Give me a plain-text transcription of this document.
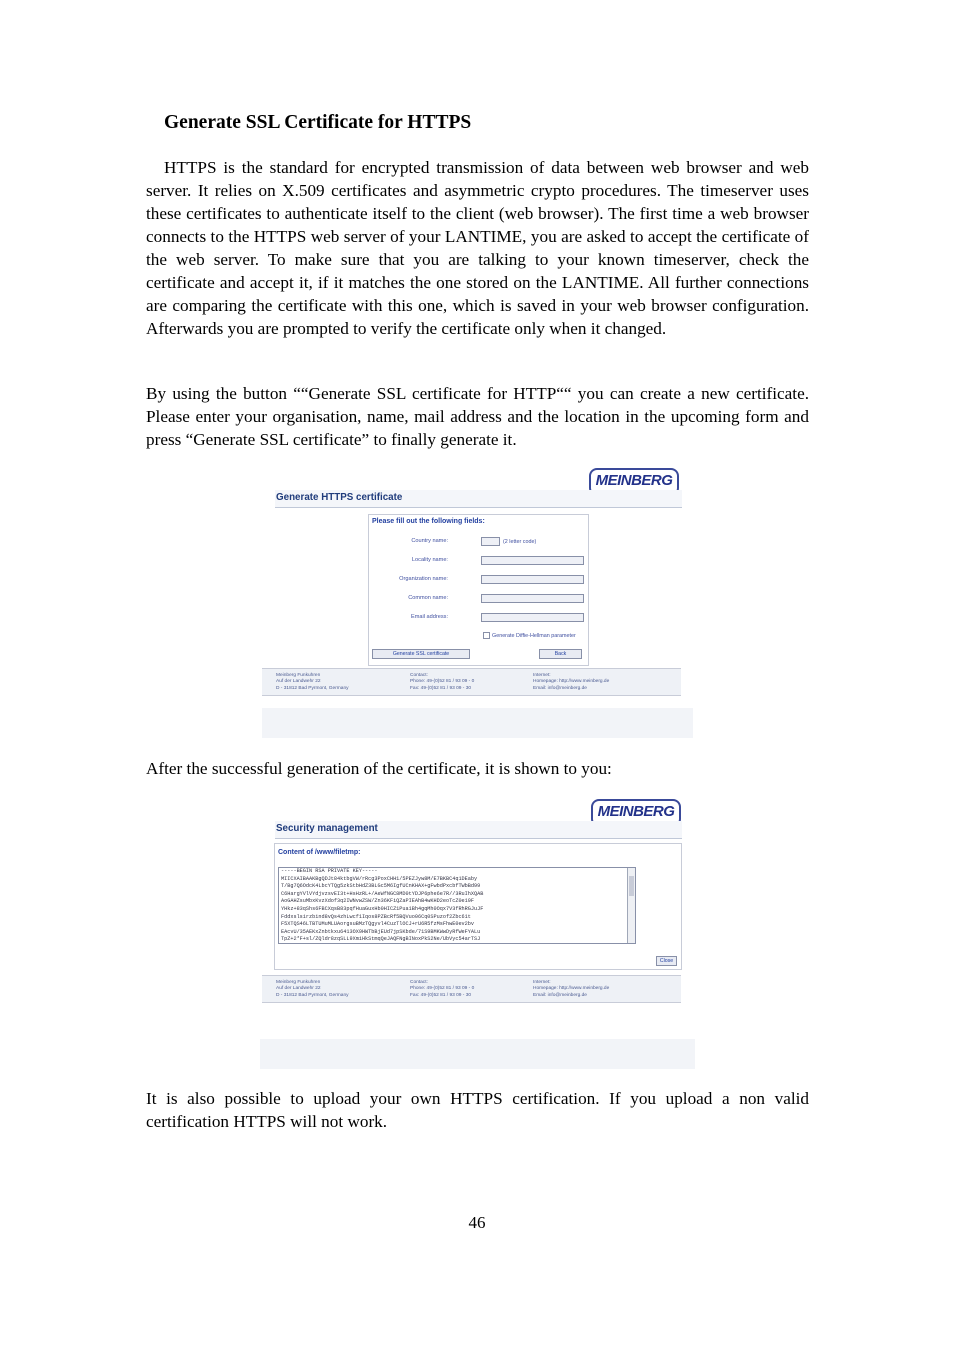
Generate SSL Certificate for HTTPS
HTTPS is the standard for encrypted transmission of data between web browser and web server. It relies on X.509 certificates and asymmetric crypto procedures. The timeserver uses these certificates to authenticate itself to the client (web browser). The first time a web browser connects to the HTTPS web server of your LANTIME, you are asked to accept the certificate of the web server. To make sure that you are talking to your known timeserver, check the certificate and accept it, if it matches the one stored on the LANTIME. All further connections are comparing the certificate with this one, which is saved in your web browser configuration. Afterwards you are prompted to verify the certificate only when it changed.
By using the button ““Generate SSL certificate for HTTP““ you can create a new certificate. Please enter your organisation, name, mail address and the location in the upcoming form and press “Generate SSL certificate” to finally generate it.
MEINBERG
Generate HTTPS certificate
Please fill out the following fields:
Country name:	(2 letter code)
Locality name:
Organization name:
Common name:
Email address:
Generate Diffie-Hellman parameter
Generate SSL certificate	Back
Meinberg Funkuhren
Auf der Landwehr 22
D - 31812 Bad Pyrmont, Germany
Contact:
Phone: 49-(0)52 81 / 93 09 - 0
Fax: 49-(0)52 81 / 93 09 - 30
Internet:
Homepage: http://www.meinberg.de
Email: info@meinberg.de
After the successful generation of the certificate, it is shown to you:
MEINBERG
Security management
Content of /www/filetmp:
-----BEGIN RSA PRIVATE KEY-----
MIICXAIBAAKBgQDJt84ktbgVW/rRcg3PoxCHH1/5PEZJyw8M/E7BKBC4q1DEaby
T/Bg7Q6OdcK4LbcYTQg5zkStbHdZ3BLGc5M6IgfUCnKHAX+gFwbdPxcbfTWbBd99
C6HargYVlVYdjvzsvEI3t+HsHzRL+/AeWfNGC8MD0tYDJP6phe6e7R//3RuIhXQAB
AoGAHZsuMbxKvzXdof3q2IWNvwZSW/Zn36KFiQZaPIEAhB4wKHD2eoTcZ0e19F
YHkz+83qShs6FBCXqsB83pqfHuaGuxHb0HICZ1Pua1Bh4gqMh0Oqx7V3fRhRGJuJF
Fddxslsirzbind8vQs4zhLwcf1Iqos8PZBcRf5BQVuo06Cq0SPuzof2Zbc61t
F5XTQS46LTBTUMuMLUAorgsuBMzTQgyvl4CuzTlOCJ+rU6R5fzMsFhwE0ev2bv
EAcvU/35AEKxZnbtkxu6413OX9HWTbBjEUd7jpSKbde/71S9BMKWwDyRfWeFYALu
TpZ+2*F+sl/ZQldr8zqSLL9XmiHkStmqQeJAQFNgBINoxPkS2Ne/UbVyc54arTSJ
Close
Meinberg Funkuhren
Auf der Landwehr 22
D - 31812 Bad Pyrmont, Germany
Contact:
Phone: 49-(0)52 81 / 93 09 - 0
Fax: 49-(0)52 81 / 93 09 - 30
Internet:
Homepage: http://www.meinberg.de
Email: info@meinberg.de
It is also possible to upload your own HTTPS certification. If you upload a non valid certification HTTPS will not work.
46
